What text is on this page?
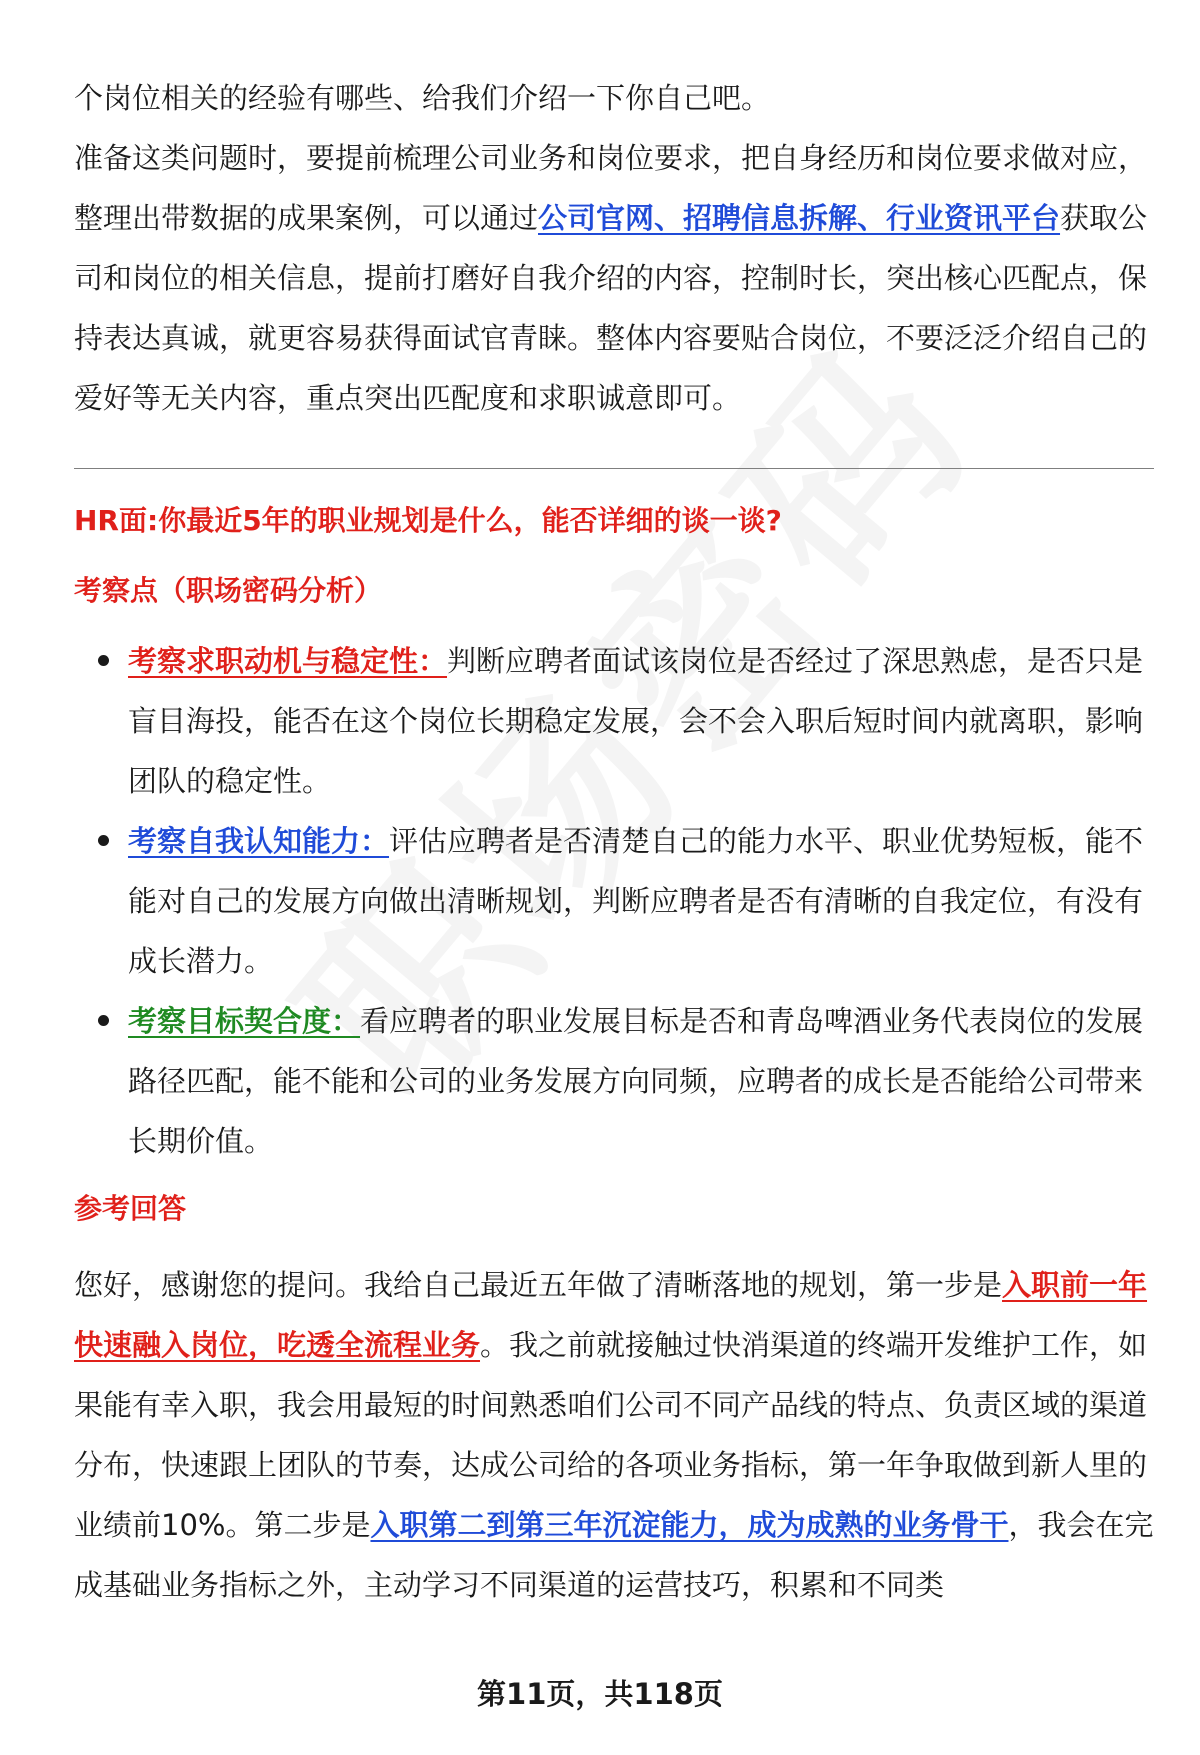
个岗位相关的经验有哪些、给我们介绍一下你自己吧。

准备这类问题时，要提前梳理公司业务和岗位要求，把自身经历和岗位要求做对应，整理出带数据的成果案例，可以通过公司官网、招聘信息拆解、行业资讯平台获取公司和岗位的相关信息，提前打磨好自我介绍的内容，控制时长，突出核心匹配点，保持表达真诚，就更容易获得面试官青睐。整体内容要贴合岗位，不要泛泛介绍自己的爱好等无关内容，重点突出匹配度和求职诚意即可。

HR面:你最近5年的职业规划是什么，能否详细的谈一谈?
考察点（职场密码分析）
考察求职动机与稳定性：判断应聘者面试该岗位是否经过了深思熟虑，是否只是盲目海投，能否在这个岗位长期稳定发展，会不会入职后短时间内就离职，影响团队的稳定性。
考察自我认知能力：评估应聘者是否清楚自己的能力水平、职业优势短板，能不能对自己的发展方向做出清晰规划，判断应聘者是否有清晰的自我定位，有没有成长潜力。
考察目标契合度：看应聘者的职业发展目标是否和青岛啤酒业务代表岗位的发展路径匹配，能不能和公司的业务发展方向同频，应聘者的成长是否能给公司带来长期价值。
参考回答

您好，感谢您的提问。我给自己最近五年做了清晰落地的规划，第一步是入职前一年快速融入岗位，吃透全流程业务。我之前就接触过快消渠道的终端开发维护工作，如果能有幸入职，我会用最短的时间熟悉咱们公司不同产品线的特点、负责区域的渠道分布，快速跟上团队的节奏，达成公司给的各项业务指标，第一年争取做到新人里的业绩前10%。第二步是入职第二到第三年沉淀能力，成为成熟的业务骨干，我会在完成基础业务指标之外，主动学习不同渠道的运营技巧，积累和不同类

第11页，共118页
